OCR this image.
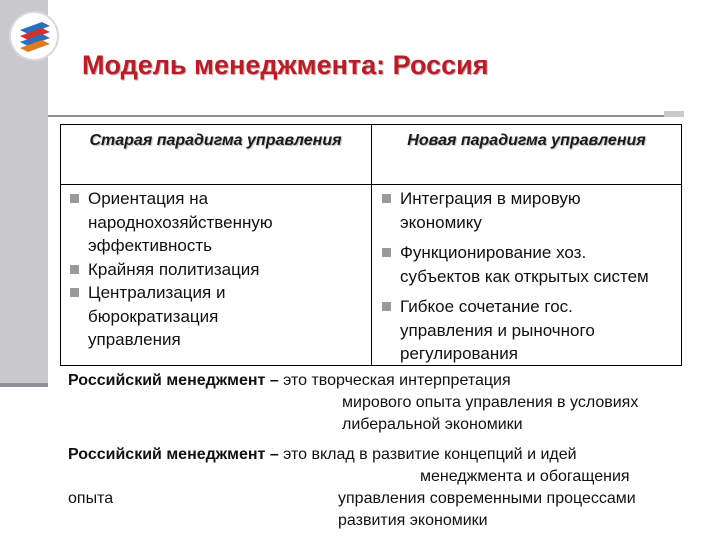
Модель менеджмента: Россия
Старая парадигма управления	Новая парадигма управления
Ориентация на
народнохозяйственную
эффективность
Крайняя политизация
Централизация и
бюрократизация
управления
Интеграция в мировую
экономику
Функционирование хоз.
субъектов как открытых систем
Гибкое сочетание гос.
управления и рыночного
регулирования
Российский менеджмент – это творческая интерпретация
мирового опыта управления в условиях
либеральной экономики
Российский менеджмент – это вклад в развитие концепций и идей
менеджмента и обогащения
опыта	управления современными процессами
развития экономики
